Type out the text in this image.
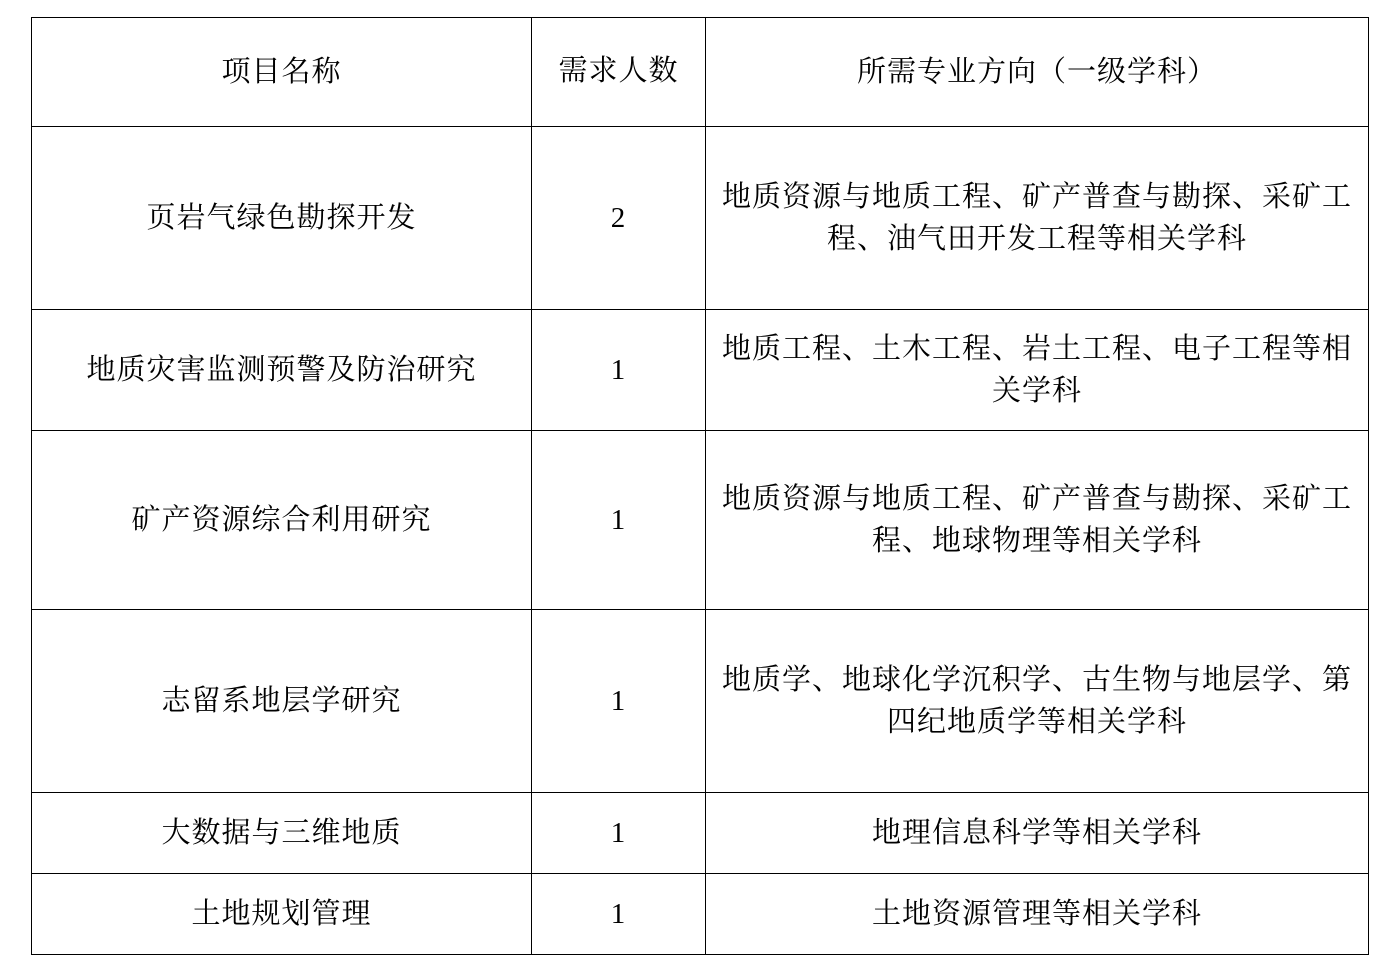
项目名称	需求人数	所需专业方向（一级学科）
页岩气绿色勘探开发	2	地质资源与地质工程、矿产普查与勘探、采矿工程、油气田开发工程等相关学科
地质灾害监测预警及防治研究	1	地质工程、土木工程、岩土工程、电子工程等相关学科
矿产资源综合利用研究	1	地质资源与地质工程、矿产普查与勘探、采矿工程、地球物理等相关学科
志留系地层学研究	1	地质学、地球化学沉积学、古生物与地层学、第四纪地质学等相关学科
大数据与三维地质	1	地理信息科学等相关学科
土地规划管理	1	土地资源管理等相关学科
